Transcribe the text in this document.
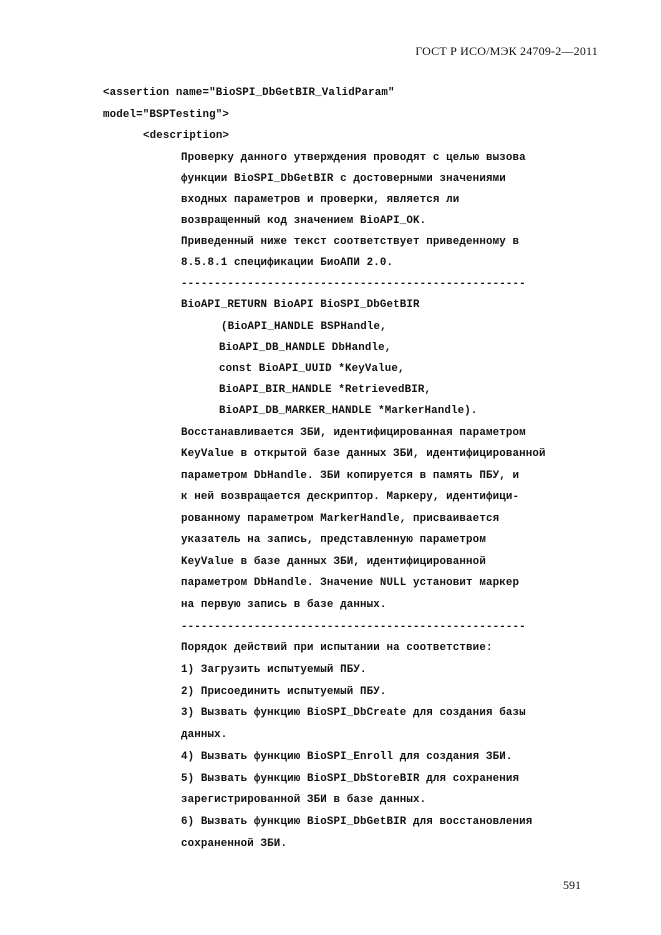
ГОСТ Р ИСО/МЭК 24709-2—2011
<assertion name="BioSPI_DbGetBIR_ValidParam"
model="BSPTesting">
<description>
Проверку данного утверждения проводят с целью вызова
функции BioSPI_DbGetBIR с достоверными значениями
входных параметров и проверки, является ли
возвращенный код значением BioAPI_OK.
Приведенный ниже текст соответствует приведенному в
8.5.8.1 спецификации БиоАПИ 2.0.
----------------------------------------------------
BioAPI_RETURN BioAPI BioSPI_DbGetBIR
(BioAPI_HANDLE BSPHandle,
BioAPI_DB_HANDLE DbHandle,
const BioAPI_UUID *KeyValue,
BioAPI_BIR_HANDLE *RetrievedBIR,
BioAPI_DB_MARKER_HANDLE *MarkerHandle).
Восстанавливается ЗБИ, идентифицированная параметром
KeyValue в открытой базе данных ЗБИ, идентифицированной
параметром DbHandle. ЗБИ копируется в память ПБУ, и
к ней возвращается дескриптор. Маркеру, идентифици-
рованному параметром MarkerHandle, присваивается
указатель на запись, представленную параметром
KeyValue в базе данных ЗБИ, идентифицированной
параметром DbHandle. Значение NULL установит маркер
на первую запись в базе данных.
----------------------------------------------------
Порядок действий при испытании на соответствие:
1) Загрузить испытуемый ПБУ.
2) Присоединить испытуемый ПБУ.
3) Вызвать функцию BioSPI_DbCreate для создания базы
данных.
4) Вызвать функцию BioSPI_Enroll для создания ЗБИ.
5) Вызвать функцию BioSPI_DbStoreBIR для сохранения
зарегистрированной ЗБИ в базе данных.
6) Вызвать функцию BioSPI_DbGetBIR для восстановления
сохраненной ЗБИ.
591
